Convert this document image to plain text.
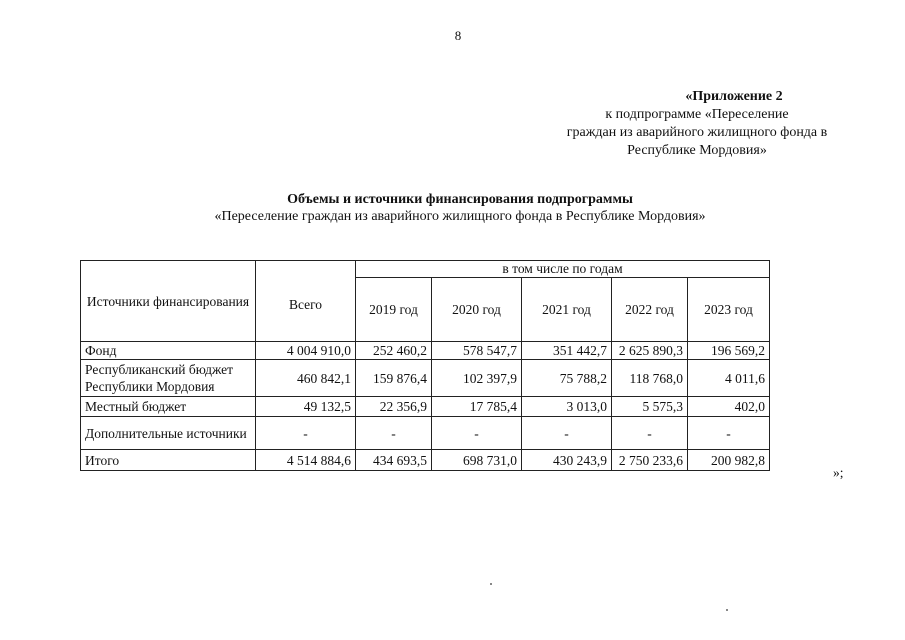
8
«Приложение 2
к подпрограмме «Переселение
граждан из аварийного жилищного фонда в
Республике Мордовия»
Объемы и источники финансирования подпрограммы
«Переселение граждан из аварийного жилищного фонда в Республике Мордовия»
Источники финансирования	Всего	в том числе по годам				
		2019 год	2020 год	2021 год	2022 год	2023 год
Фонд	4 004 910,0	252 460,2	578 547,7	351 442,7	2 625 890,3	196 569,2
Республиканский бюджет Республики Мордовия	460 842,1	159 876,4	102 397,9	75 788,2	118 768,0	4 011,6
Местный бюджет	49 132,5	22 356,9	17 785,4	3 013,0	5 575,3	402,0
Дополнительные источники	-	-	-	-	-	-
Итого	4 514 884,6	434 693,5	698 731,0	430 243,9	2 750 233,6	200 982,8
»;
